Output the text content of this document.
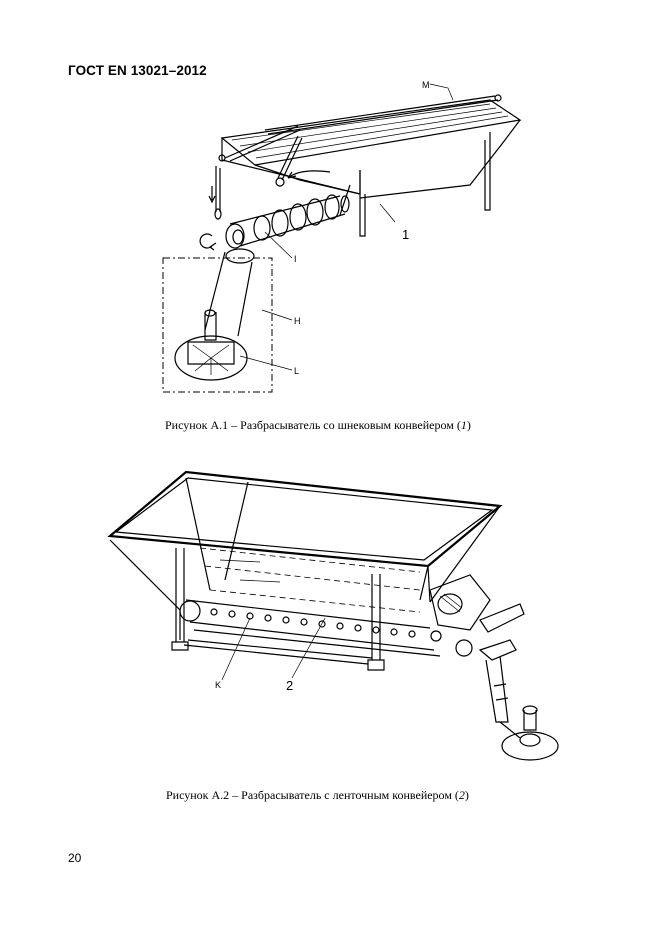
ГОСТ EN 13021–2012
M
1
I
H
L
Рисунок А.1 – Разбрасыватель со шнековым конвейером (1)
K	2
Рисунок А.2 – Разбрасыватель с ленточным конвейером (2)
20
